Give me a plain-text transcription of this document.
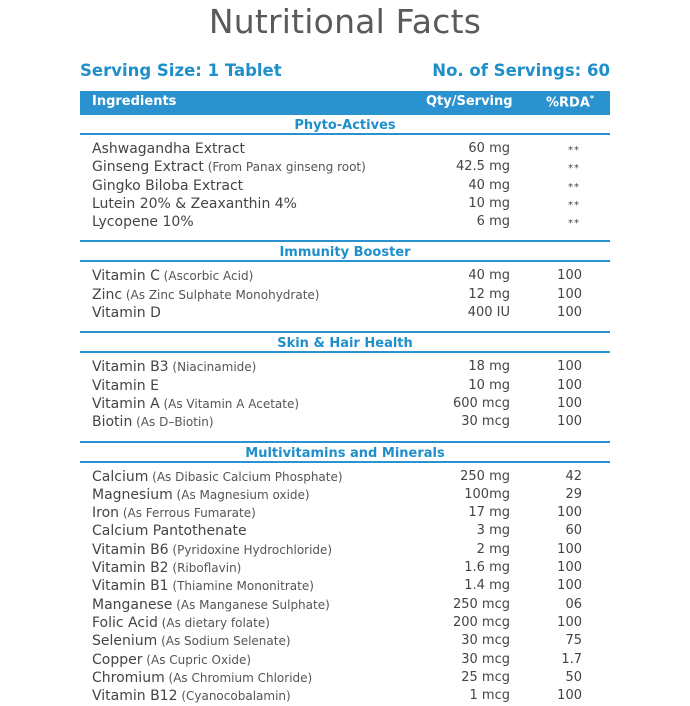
Nutritional Facts
Serving Size: 1 Tablet	No. of Servings: 60
Ingredients	Qty/Serving	%RDA*
Phyto-Actives
Ashwagandha Extract	60 mg	**
Ginseng Extract (From Panax ginseng root)	42.5 mg	**
Gingko Biloba Extract	40 mg	**
Lutein 20% & Zeaxanthin 4%	10 mg	**
Lycopene 10%	6 mg	**
Immunity Booster
Vitamin C (Ascorbic Acid)	40 mg	100
Zinc (As Zinc Sulphate Monohydrate)	12 mg	100
Vitamin D	400 IU	100
Skin & Hair Health
Vitamin B3 (Niacinamide)	18 mg	100
Vitamin E	10 mg	100
Vitamin A (As Vitamin A Acetate)	600 mcg	100
Biotin (As D–Biotin)	30 mcg	100
Multivitamins and Minerals
Calcium (As Dibasic Calcium Phosphate)	250 mg	42
Magnesium (As Magnesium oxide)	100mg	29
Iron (As Ferrous Fumarate)	17 mg	100
Calcium Pantothenate	3 mg	60
Vitamin B6 (Pyridoxine Hydrochloride)	2 mg	100
Vitamin B2 (Riboflavin)	1.6 mg	100
Vitamin B1 (Thiamine Mononitrate)	1.4 mg	100
Manganese (As Manganese Sulphate)	250 mcg	06
Folic Acid (As dietary folate)	200 mcg	100
Selenium (As Sodium Selenate)	30 mcg	75
Copper (As Cupric Oxide)	30 mcg	1.7
Chromium (As Chromium Chloride)	25 mcg	50
Vitamin B12 (Cyanocobalamin)	1 mcg	100
